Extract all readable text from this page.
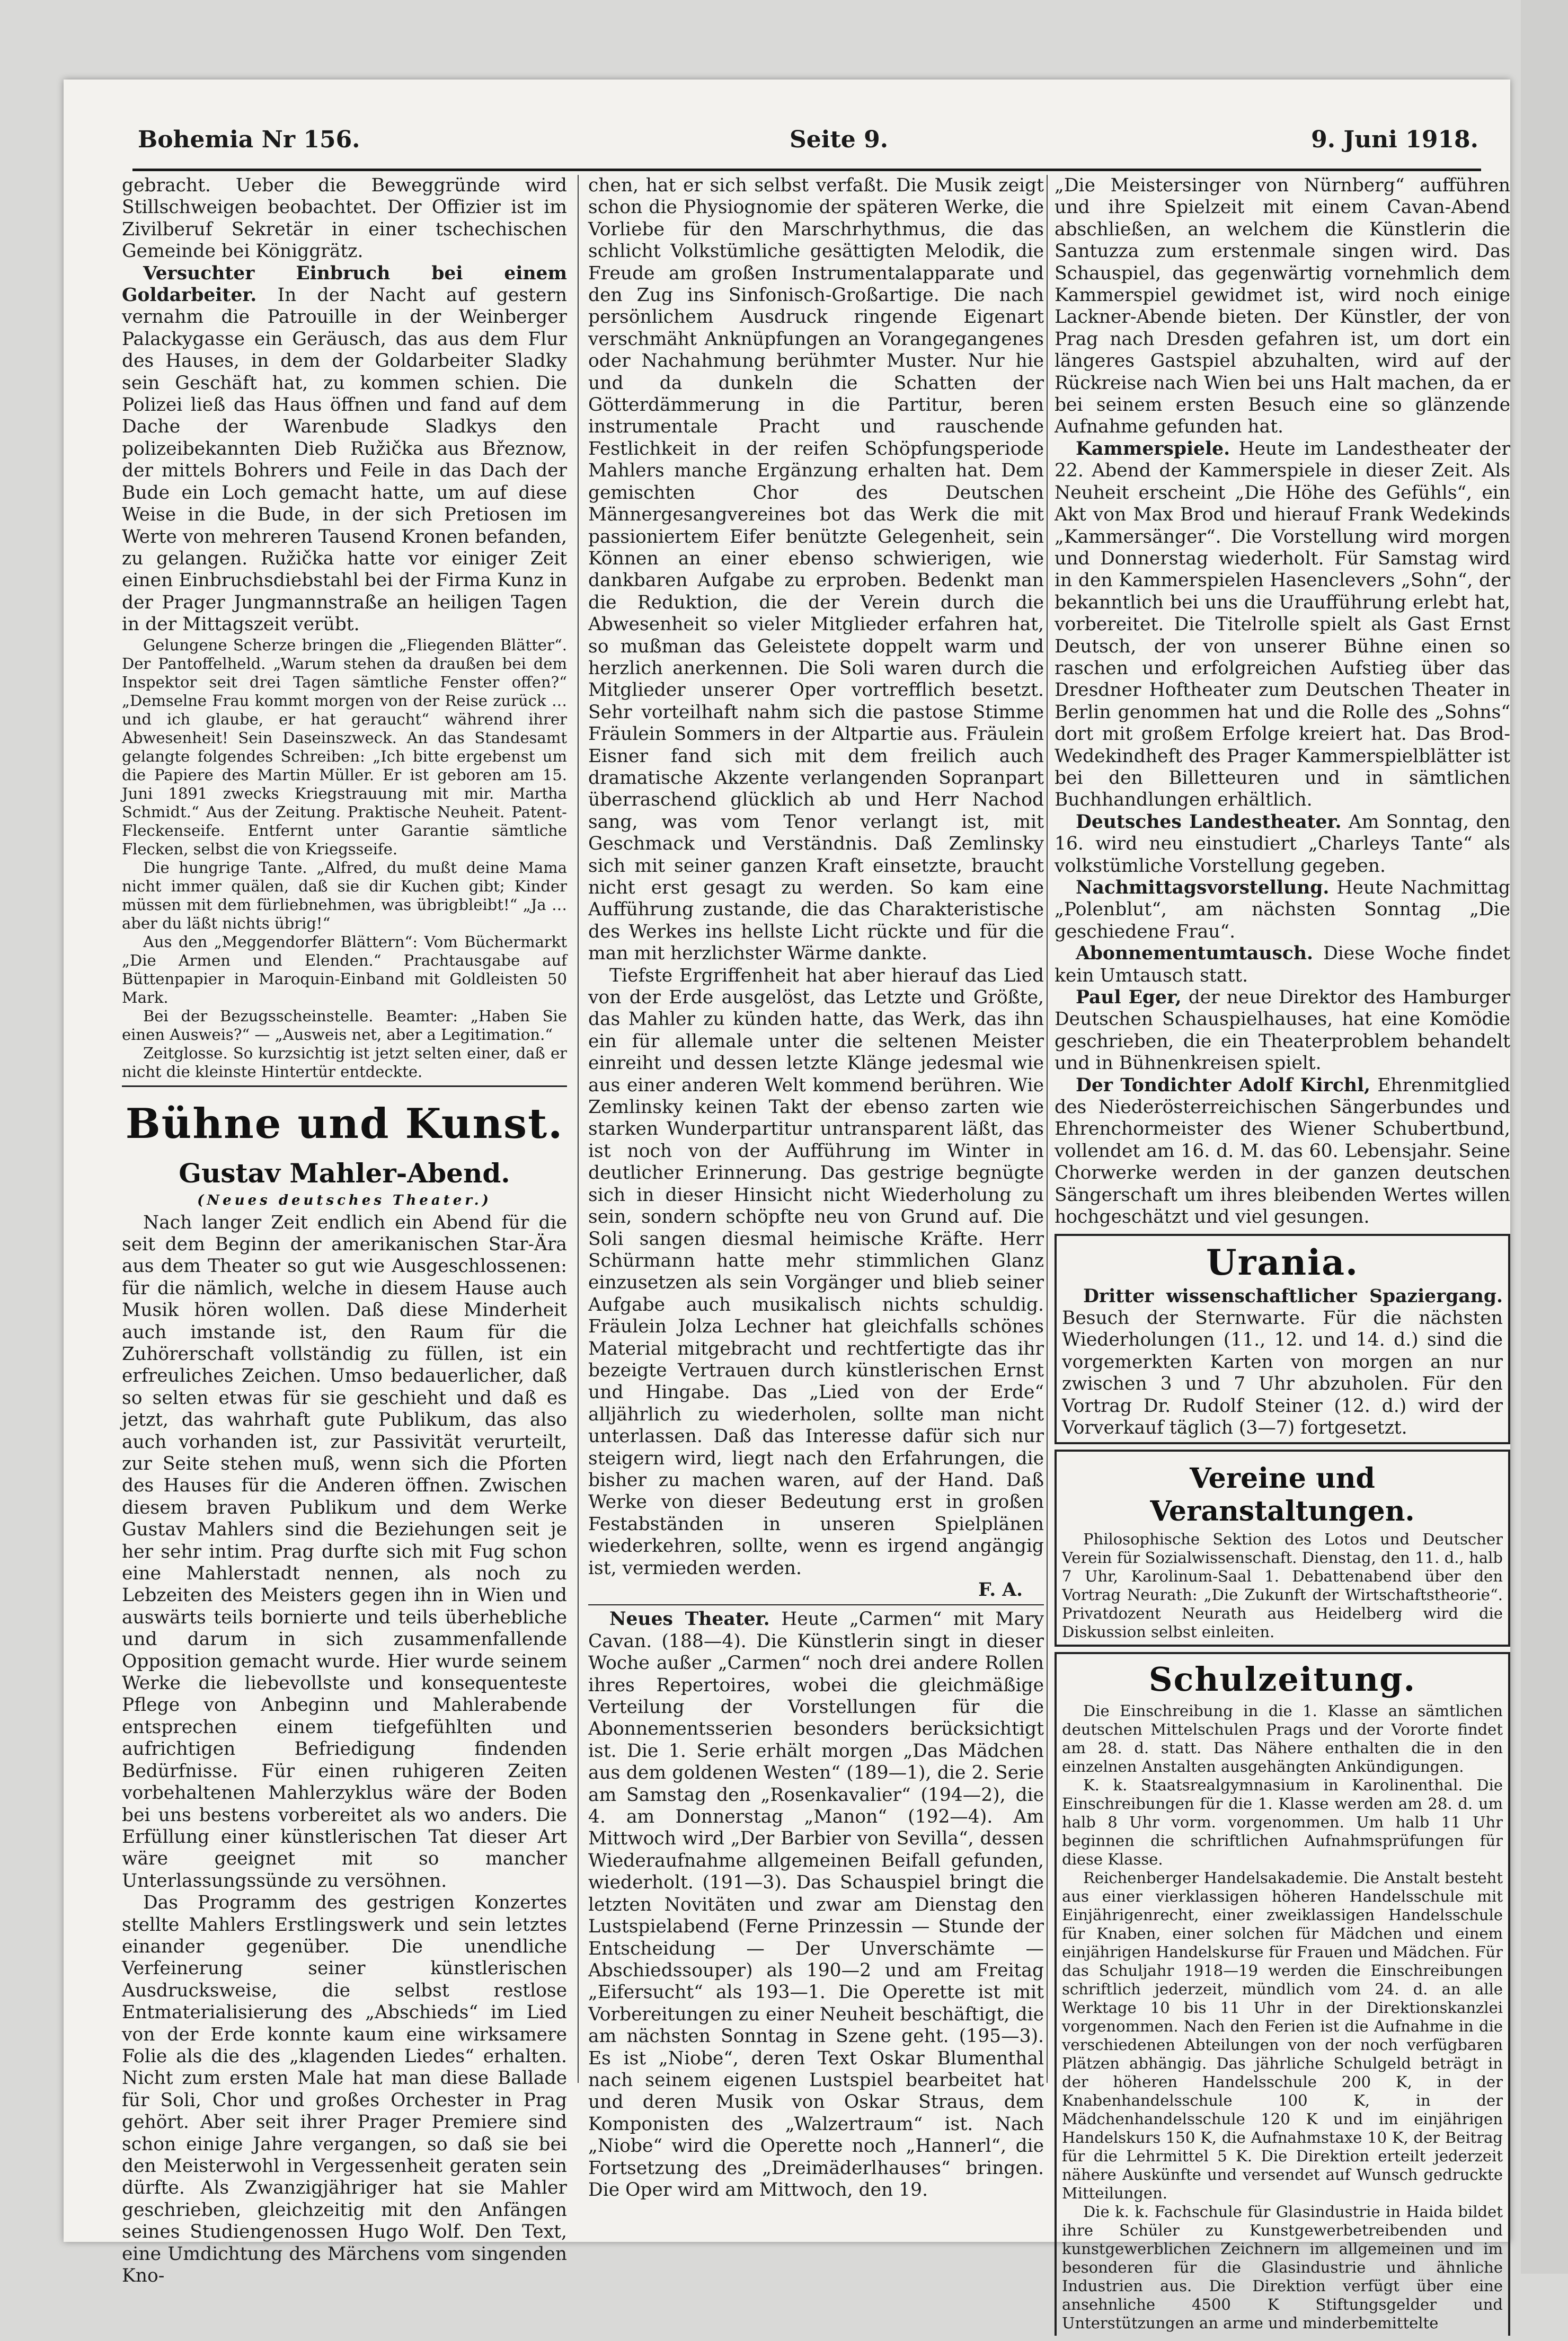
Bohemia Nr 156.	Seite 9.	9. Juni 1918.

gebracht. Ueber die Beweggründe wird Stillschweigen beobachtet. Der Offizier ist im Zivilberuf Sekretär in einer tschechischen Gemeinde bei Königgrätz.

Versuchter Einbruch bei einem Goldarbeiter. In der Nacht auf gestern vernahm die Patrouille in der Weinberger Palackygasse ein Geräusch, das aus dem Flur des Hauses, in dem der Goldarbeiter Sladky sein Geschäft hat, zu kommen schien. Die Polizei ließ das Haus öffnen und fand auf dem Dache der Warenbude Sladkys den polizeibekannten Dieb Ružička aus Březnow, der mittels Bohrers und Feile in das Dach der Bude ein Loch gemacht hatte, um auf diese Weise in die Bude, in der sich Pretiosen im Werte von mehreren Tausend Kronen befanden, zu gelangen. Ružička hatte vor einiger Zeit einen Einbruchsdiebstahl bei der Firma Kunz in der Prager Jungmannstraße an heiligen Tagen in der Mittagszeit verübt.

Gelungene Scherze bringen die „Fliegenden Blätter“. Der Pantoffelheld. „Warum stehen da draußen bei dem Inspektor seit drei Tagen sämtliche Fenster offen?“ „Demselne Frau kommt morgen von der Reise zurück … und ich glaube, er hat geraucht“ während ihrer Abwesenheit! Sein Daseinszweck. An das Standesamt gelangte folgendes Schreiben: „Ich bitte ergebenst um die Papiere des Martin Müller. Er ist geboren am 15. Juni 1891 zwecks Kriegstrauung mit mir. Martha Schmidt.“ Aus der Zeitung. Praktische Neuheit. Patent-Fleckenseife. Entfernt unter Garantie sämtliche Flecken, selbst die von Kriegsseife.

Die hungrige Tante. „Alfred, du mußt deine Mama nicht immer quälen, daß sie dir Kuchen gibt; Kinder müssen mit dem fürliebnehmen, was übrigbleibt!“ „Ja … aber du läßt nichts übrig!“

Aus den „Meggendorfer Blättern“: Vom Büchermarkt „Die Armen und Elenden.“ Prachtausgabe auf Büttenpapier in Maroquin-Einband mit Goldleisten 50 Mark.

Bei der Bezugsscheinstelle. Beamter: „Haben Sie einen Ausweis?“ — „Ausweis net, aber a Legitimation.“

Zeitglosse. So kurzsichtig ist jetzt selten einer, daß er nicht die kleinste Hintertür entdeckte.

Bühne und Kunst.
Gustav Mahler-Abend.
(Neues deutsches Theater.)

Nach langer Zeit endlich ein Abend für die seit dem Beginn der amerikanischen Star-Ära aus dem Theater so gut wie Ausgeschlossenen: für die nämlich, welche in diesem Hause auch Musik hören wollen. Daß diese Minderheit auch imstande ist, den Raum für die Zuhörerschaft vollständig zu füllen, ist ein erfreuliches Zeichen. Umso bedauerlicher, daß so selten etwas für sie geschieht und daß es jetzt, das wahrhaft gute Publikum, das also auch vorhanden ist, zur Passivität verurteilt, zur Seite stehen muß, wenn sich die Pforten des Hauses für die Anderen öffnen. Zwischen diesem braven Publikum und dem Werke Gustav Mahlers sind die Beziehungen seit je her sehr intim. Prag durfte sich mit Fug schon eine Mahlerstadt nennen, als noch zu Lebzeiten des Meisters gegen ihn in Wien und auswärts teils bornierte und teils überhebliche und darum in sich zusammenfallende Opposition gemacht wurde. Hier wurde seinem Werke die liebevollste und konsequenteste Pflege von Anbeginn und Mahlerabende entsprechen einem tiefgefühlten und aufrichtigen Befriedigung findenden Bedürfnisse. Für einen ruhigeren Zeiten vorbehaltenen Mahlerzyklus wäre der Boden bei uns bestens vorbereitet als wo anders. Die Erfüllung einer künstlerischen Tat dieser Art wäre geeignet mit so mancher Unterlassungssünde zu versöhnen.

Das Programm des gestrigen Konzertes stellte Mahlers Erstlingswerk und sein letztes einander gegenüber. Die unendliche Verfeinerung seiner künstlerischen Ausdrucksweise, die selbst restlose Entmaterialisierung des „Abschieds“ im Lied von der Erde konnte kaum eine wirksamere Folie als die des „klagenden Liedes“ erhalten. Nicht zum ersten Male hat man diese Ballade für Soli, Chor und großes Orchester in Prag gehört. Aber seit ihrer Prager Premiere sind schon einige Jahre vergangen, so daß sie bei den Meisterwohl in Vergessenheit geraten sein dürfte. Als Zwanzigjähriger hat sie Mahler geschrieben, gleichzeitig mit den Anfängen seines Studiengenossen Hugo Wolf. Den Text, eine Umdichtung des Märchens vom singenden Kno-

chen, hat er sich selbst verfaßt. Die Musik zeigt schon die Physiognomie der späteren Werke, die Vorliebe für den Marschrhythmus, die das schlicht Volkstümliche gesättigten Melodik, die Freude am großen Instrumentalapparate und den Zug ins Sinfonisch-Großartige. Die nach persönlichem Ausdruck ringende Eigenart verschmäht Anknüpfungen an Vorangegangenes oder Nachahmung berühmter Muster. Nur hie und da dunkeln die Schatten der Götterdämmerung in die Partitur, beren instrumentale Pracht und rauschende Festlichkeit in der reifen Schöpfungsperiode Mahlers manche Ergänzung erhalten hat. Dem gemischten Chor des Deutschen Männergesangvereines bot das Werk die mit passioniertem Eifer benützte Gelegenheit, sein Können an einer ebenso schwierigen, wie dankbaren Aufgabe zu erproben. Bedenkt man die Reduktion, die der Verein durch die Abwesenheit so vieler Mitglieder erfahren hat, so mußman das Geleistete doppelt warm und herzlich anerkennen. Die Soli waren durch die Mitglieder unserer Oper vortrefflich besetzt. Sehr vorteilhaft nahm sich die pastose Stimme Fräulein Sommers in der Altpartie aus. Fräulein Eisner fand sich mit dem freilich auch dramatische Akzente verlangenden Sopranpart überraschend glücklich ab und Herr Nachod sang, was vom Tenor verlangt ist, mit Geschmack und Verständnis. Daß Zemlinsky sich mit seiner ganzen Kraft einsetzte, braucht nicht erst gesagt zu werden. So kam eine Aufführung zustande, die das Charakteristische des Werkes ins hellste Licht rückte und für die man mit herzlichster Wärme dankte.

Tiefste Ergriffenheit hat aber hierauf das Lied von der Erde ausgelöst, das Letzte und Größte, das Mahler zu künden hatte, das Werk, das ihn ein für allemale unter die seltenen Meister einreiht und dessen letzte Klänge jedesmal wie aus einer anderen Welt kommend berühren. Wie Zemlinsky keinen Takt der ebenso zarten wie starken Wunderpartitur untransparent läßt, das ist noch von der Aufführung im Winter in deutlicher Erinnerung. Das gestrige begnügte sich in dieser Hinsicht nicht Wiederholung zu sein, sondern schöpfte neu von Grund auf. Die Soli sangen diesmal heimische Kräfte. Herr Schürmann hatte mehr stimmlichen Glanz einzusetzen als sein Vorgänger und blieb seiner Aufgabe auch musikalisch nichts schuldig. Fräulein Jolza Lechner hat gleichfalls schönes Material mitgebracht und rechtfertigte das ihr bezeigte Vertrauen durch künstlerischen Ernst und Hingabe. Das „Lied von der Erde“ alljährlich zu wiederholen, sollte man nicht unterlassen. Daß das Interesse dafür sich nur steigern wird, liegt nach den Erfahrungen, die bisher zu machen waren, auf der Hand. Daß Werke von dieser Bedeutung erst in großen Festabständen in unseren Spielplänen wiederkehren, sollte, wenn es irgend angängig ist, vermieden werden.

F. A.

Neues Theater. Heute „Carmen“ mit Mary Cavan. (188—4). Die Künstlerin singt in dieser Woche außer „Carmen“ noch drei andere Rollen ihres Repertoires, wobei die gleichmäßige Verteilung der Vorstellungen für die Abonnementsserien besonders berücksichtigt ist. Die 1. Serie erhält morgen „Das Mädchen aus dem goldenen Westen“ (189—1), die 2. Serie am Samstag den „Rosenkavalier“ (194—2), die 4. am Donnerstag „Manon“ (192—4). Am Mittwoch wird „Der Barbier von Sevilla“, dessen Wiederaufnahme allgemeinen Beifall gefunden, wiederholt. (191—3). Das Schauspiel bringt die letzten Novitäten und zwar am Dienstag den Lustspielabend (Ferne Prinzessin — Stunde der Entscheidung — Der Unverschämte — Abschiedssouper) als 190—2 und am Freitag „Eifersucht“ als 193—1. Die Operette ist mit Vorbereitungen zu einer Neuheit beschäftigt, die am nächsten Sonntag in Szene geht. (195—3). Es ist „Niobe“, deren Text Oskar Blumenthal nach seinem eigenen Lustspiel bearbeitet hat und deren Musik von Oskar Straus, dem Komponisten des „Walzertraum“ ist. Nach „Niobe“ wird die Operette noch „Hannerl“, die Fortsetzung des „Dreimäderlhauses“ bringen. Die Oper wird am Mittwoch, den 19.

„Die Meistersinger von Nürnberg“ aufführen und ihre Spielzeit mit einem Cavan-Abend abschließen, an welchem die Künstlerin die Santuzza zum erstenmale singen wird. Das Schauspiel, das gegenwärtig vornehmlich dem Kammerspiel gewidmet ist, wird noch einige Lackner-Abende bieten. Der Künstler, der von Prag nach Dresden gefahren ist, um dort ein längeres Gastspiel abzuhalten, wird auf der Rückreise nach Wien bei uns Halt machen, da er bei seinem ersten Besuch eine so glänzende Aufnahme gefunden hat.

Kammerspiele. Heute im Landestheater der 22. Abend der Kammerspiele in dieser Zeit. Als Neuheit erscheint „Die Höhe des Gefühls“, ein Akt von Max Brod und hierauf Frank Wedekinds „Kammersänger“. Die Vorstellung wird morgen und Donnerstag wiederholt. Für Samstag wird in den Kammerspielen Hasenclevers „Sohn“, der bekanntlich bei uns die Uraufführung erlebt hat, vorbereitet. Die Titelrolle spielt als Gast Ernst Deutsch, der von unserer Bühne einen so raschen und erfolgreichen Aufstieg über das Dresdner Hoftheater zum Deutschen Theater in Berlin genommen hat und die Rolle des „Sohns“ dort mit großem Erfolge kreiert hat. Das Brod-Wedekindheft des Prager Kammerspielblätter ist bei den Billetteuren und in sämtlichen Buchhandlungen erhältlich.

Deutsches Landestheater. Am Sonntag, den 16. wird neu einstudiert „Charleys Tante“ als volkstümliche Vorstellung gegeben.

Nachmittagsvorstellung. Heute Nachmittag „Polenblut“, am nächsten Sonntag „Die geschiedene Frau“.

Abonnementumtausch. Diese Woche findet kein Umtausch statt.

Paul Eger, der neue Direktor des Hamburger Deutschen Schauspielhauses, hat eine Komödie geschrieben, die ein Theaterproblem behandelt und in Bühnenkreisen spielt.

Der Tondichter Adolf Kirchl, Ehrenmitglied des Niederösterreichischen Sängerbundes und Ehrenchormeister des Wiener Schubertbund, vollendet am 16. d. M. das 60. Lebensjahr. Seine Chorwerke werden in der ganzen deutschen Sängerschaft um ihres bleibenden Wertes willen hochgeschätzt und viel gesungen.

Urania.

Dritter wissenschaftlicher Spaziergang. Besuch der Sternwarte. Für die nächsten Wiederholungen (11., 12. und 14. d.) sind die vorgemerkten Karten von morgen an nur zwischen 3 und 7 Uhr abzuholen. Für den Vortrag Dr. Rudolf Steiner (12. d.) wird der Vorverkauf täglich (3—7) fortgesetzt.

Vereine und Veranstaltungen.

Philosophische Sektion des Lotos und Deutscher Verein für Sozialwissenschaft. Dienstag, den 11. d., halb 7 Uhr, Karolinum-Saal 1. Debattenabend über den Vortrag Neurath: „Die Zukunft der Wirtschaftstheorie“. Privatdozent Neurath aus Heidelberg wird die Diskussion selbst einleiten.

Schulzeitung.

Die Einschreibung in die 1. Klasse an sämtlichen deutschen Mittelschulen Prags und der Vororte findet am 28. d. statt. Das Nähere enthalten die in den einzelnen Anstalten ausgehängten Ankündigungen.

K. k. Staatsrealgymnasium in Karolinenthal. Die Einschreibungen für die 1. Klasse werden am 28. d. um halb 8 Uhr vorm. vorgenommen. Um halb 11 Uhr beginnen die schriftlichen Aufnahmsprüfungen für diese Klasse.

Reichenberger Handelsakademie. Die Anstalt besteht aus einer vierklassigen höheren Handelsschule mit Einjährigenrecht, einer zweiklassigen Handelsschule für Knaben, einer solchen für Mädchen und einem einjährigen Handelskurse für Frauen und Mädchen. Für das Schuljahr 1918—19 werden die Einschreibungen schriftlich jederzeit, mündlich vom 24. d. an alle Werktage 10 bis 11 Uhr in der Direktionskanzlei vorgenommen. Nach den Ferien ist die Aufnahme in die verschiedenen Abteilungen von der noch verfügbaren Plätzen abhängig. Das jährliche Schulgeld beträgt in der höheren Handelsschule 200 K, in der Knabenhandelsschule 100 K, in der Mädchenhandelsschule 120 K und im einjährigen Handelskurs 150 K, die Aufnahmstaxe 10 K, der Beitrag für die Lehrmittel 5 K. Die Direktion erteilt jederzeit nähere Auskünfte und versendet auf Wunsch gedruckte Mitteilungen.

Die k. k. Fachschule für Glasindustrie in Haida bildet ihre Schüler zu Kunstgewerbetreibenden und kunstgewerblichen Zeichnern im allgemeinen und im besonderen für die Glasindustrie und ähnliche Industrien aus. Die Direktion verfügt über eine ansehnliche 4500 K Stiftungsgelder und Unterstützungen an arme und minderbemittelte
